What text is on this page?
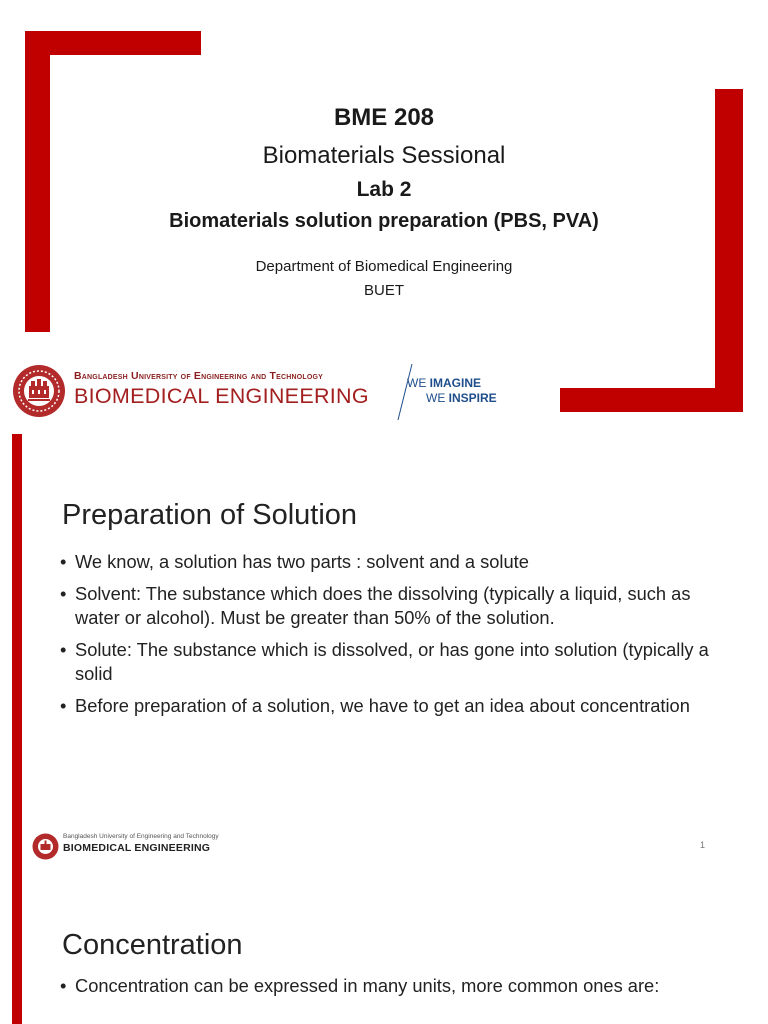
BME 208
Biomaterials Sessional
Lab 2
Biomaterials solution preparation (PBS, PVA)
Department of Biomedical Engineering
BUET
Bangladesh University of Engineering and Technology
BIOMEDICAL ENGINEERING
WE IMAGINE
WE INSPIRE
Preparation of Solution
• We know, a solution has two parts : solvent and a solute
• Solvent: The substance which does the dissolving (typically a liquid, such as water or alcohol). Must be greater than 50% of the solution.
• Solute: The substance which is dissolved, or has gone into solution (typically a solid
• Before preparation of a solution, we have to get an idea about concentration
Bangladesh University of Engineering and Technology
BIOMEDICAL ENGINEERING	1
Concentration
• Concentration can be expressed in many units, more common ones are:
